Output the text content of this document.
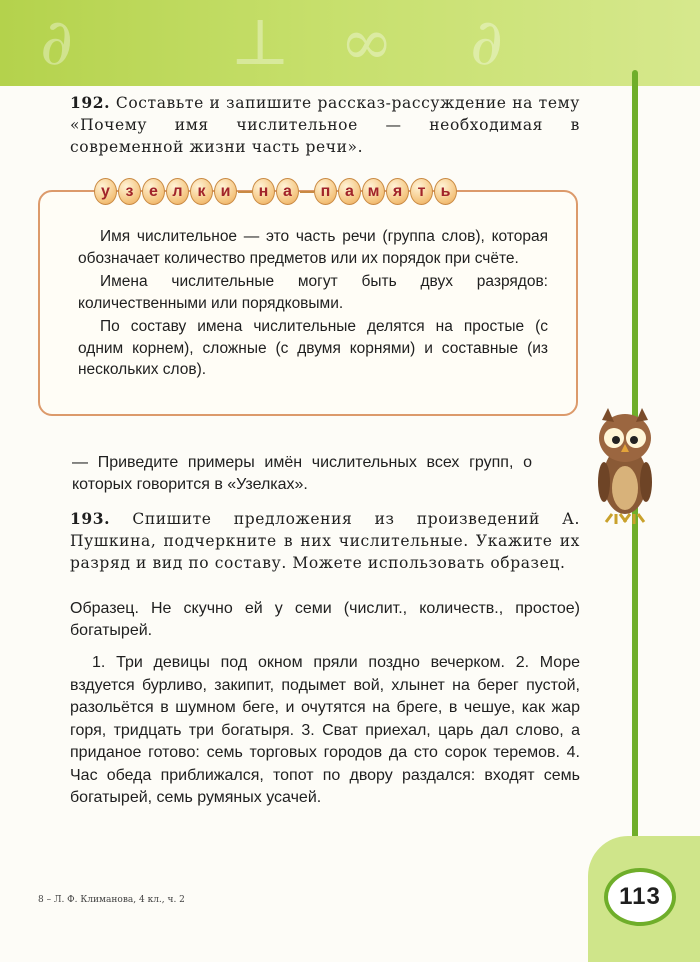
∂ ⊥ ∞ ∂
113

192. Составьте и запишите рассказ-рассуждение на тему «Почему имя числительное — необходимая в современной жизни часть речи».

у з е л к и	н а	п а м я т ь

Имя числительное — это часть речи (группа слов), которая обозначает количество предметов или их порядок при счёте.

Имена числительные могут быть двух разрядов: количественными или порядковыми.

По составу имена числительные делятся на простые (с одним корнем), сложные (с двумя корнями) и составные (из нескольких слов).

— Приведите примеры имён числительных всех групп, о которых говорится в «Узелках».

193. Спишите предложения из произведений А. Пушкина, подчеркните в них числительные. Укажите их разряд и вид по составу. Можете использовать образец.

Образец. Не скучно ей у семи (числит., количеств., простое) богатырей.

1. Три девицы под окном пряли поздно вечерком. 2. Море вздуется бурливо, закипит, подымет вой, хлынет на берег пустой, разольётся в шумном беге, и очутятся на бреге, в чешуе, как жар горя, тридцать три богатыря. 3. Сват приехал, царь дал слово, а приданое готово: семь торговых городов да сто сорок теремов. 4. Час обеда приближался, топот по двору раздался: входят семь богатырей, семь румяных усачей.

8 – Л. Ф. Климанова, 4 кл., ч. 2
